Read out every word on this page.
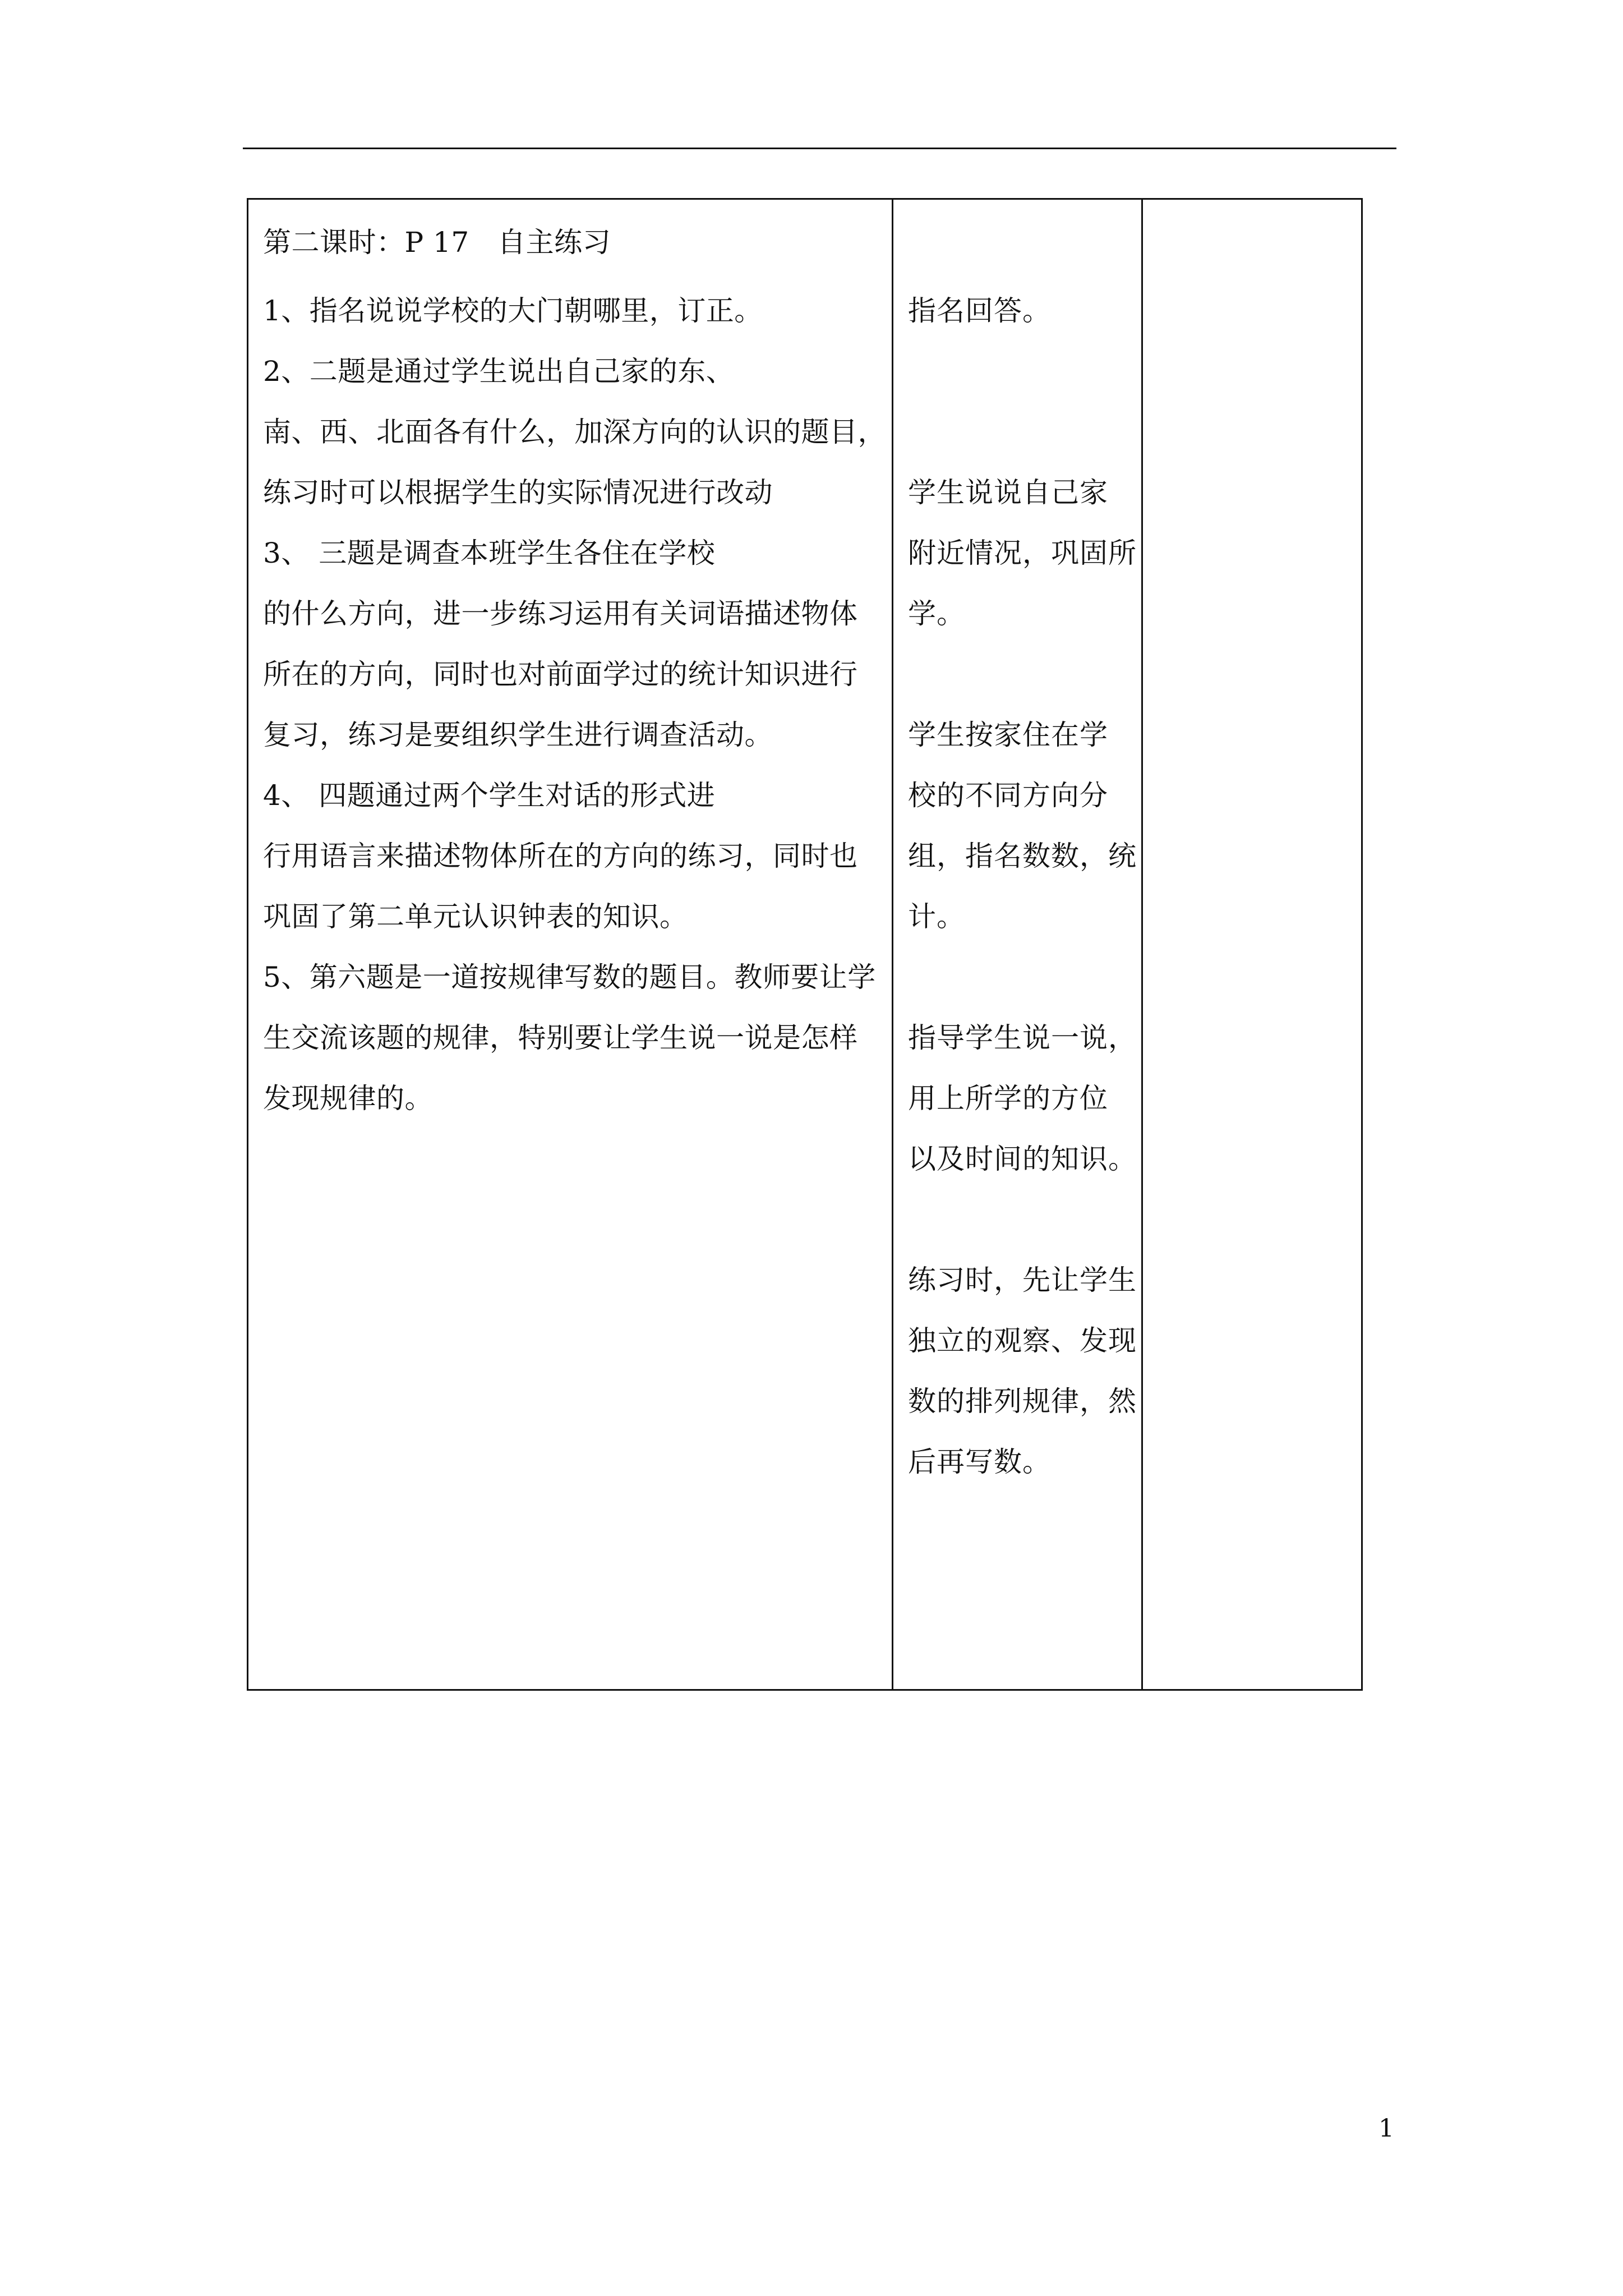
第二课时：P 17　自主练习

1、指名说说学校的大门朝哪里，订正。

2、二题是通过学生说出自己家的东、

南、西、北面各有什么，加深方向的认识的题目，

练习时可以根据学生的实际情况进行改动

3、 三题是调查本班学生各住在学校

的什么方向，进一步练习运用有关词语描述物体

所在的方向，同时也对前面学过的统计知识进行

复习，练习是要组织学生进行调查活动。

4、 四题通过两个学生对话的形式进

行用语言来描述物体所在的方向的练习，同时也

巩固了第二单元认识钟表的知识。

5、第六题是一道按规律写数的题目。教师要让学

生交流该题的规律，特别要让学生说一说是怎样

发现规律的。

指名回答。

学生说说自己家

附近情况，巩固所

学。

学生按家住在学

校的不同方向分

组，指名数数，统

计。

指导学生说一说，

用上所学的方位

以及时间的知识。

练习时，先让学生

独立的观察、发现

数的排列规律，然

后再写数。

1
